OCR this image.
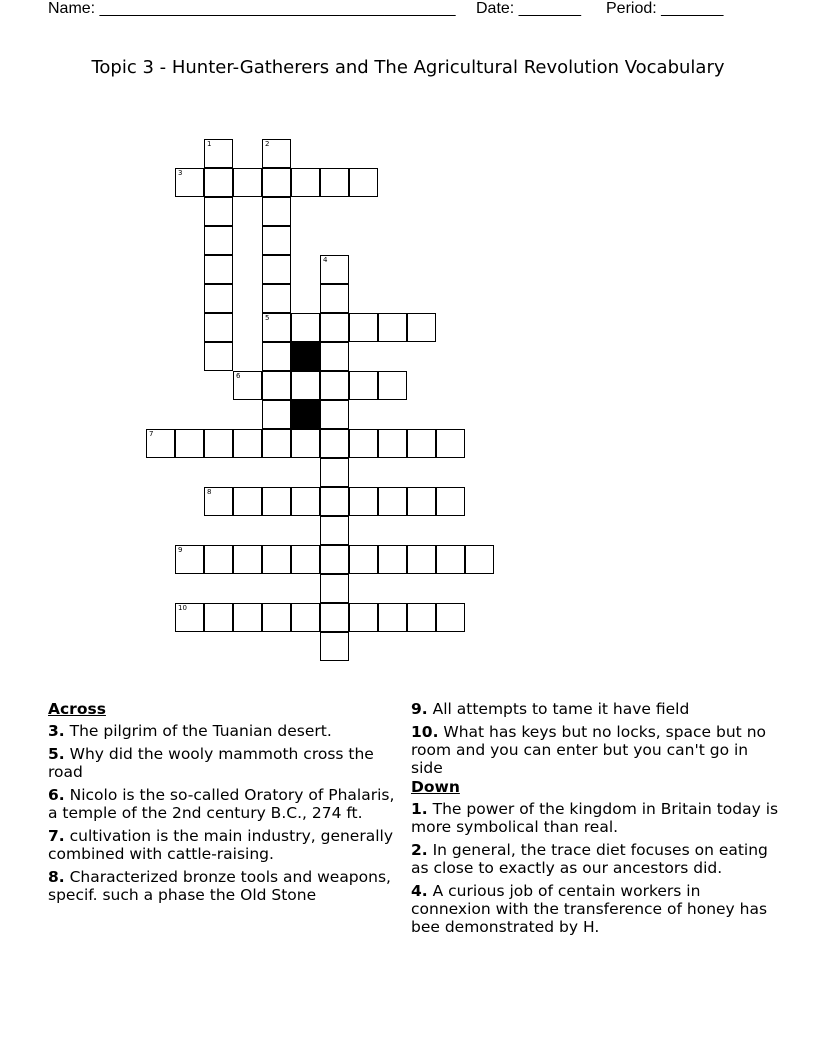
Name: ________________________________________ Date: _______ Period: _______
Topic 3 - Hunter-Gatherers and The Agricultural Revolution Vocabulary
1	2
3
4
5
6
7
8
9
10
Across
3. The pilgrim of the Tuanian desert.
5. Why did the wooly mammoth cross the road
6. Nicolo is the so-called Oratory of Phalaris, a temple of the 2nd century B.C., 274 ft.
7. cultivation is the main industry, generally combined with cattle-raising.
8. Characterized bronze tools and weapons, specif. such a phase the Old Stone
9. All attempts to tame it have field
10. What has keys but no locks, space but no room and you can enter but you can't go in side
Down
1. The power of the kingdom in Britain today is more symbolical than real.
2. In general, the trace diet focuses on eating as close to exactly as our ancestors did.
4. A curious job of centain workers in connexion with the transference of honey has bee demonstrated by H.
